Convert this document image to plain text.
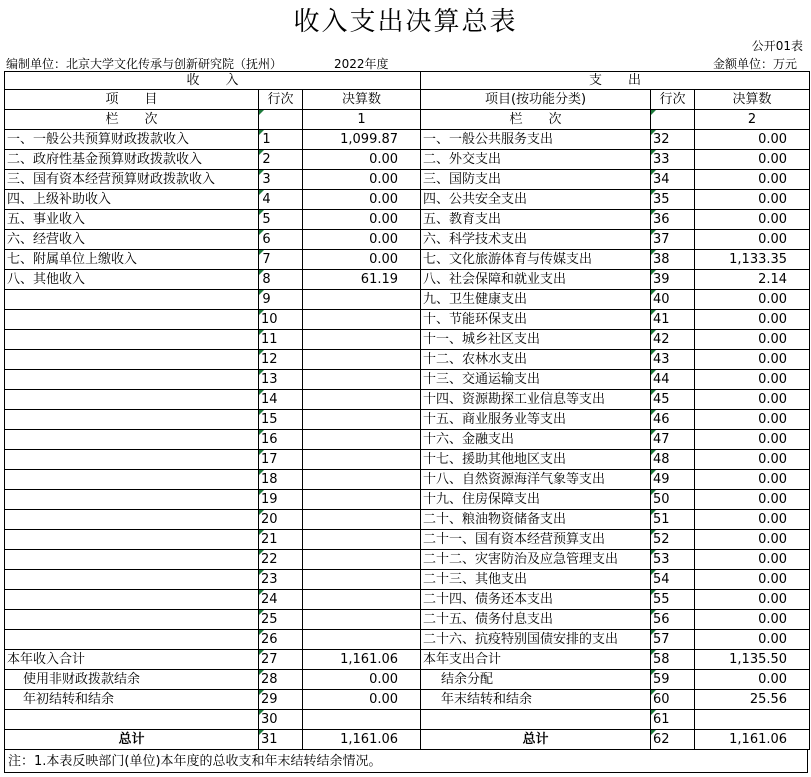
收入支出决算总表
公开01表
编制单位：北京大学文化传承与创新研究院（抚州）	2022年度	金额单位：万元
收　　入			支　　出		
项　　目	行次	决算数	项目(按功能分类)	行次	决算数
栏　　次		1	栏　　次		2
一、一般公共预算财政拨款收入	1	1,099.87	一、一般公共服务支出	32	0.00
二、政府性基金预算财政拨款收入	2	0.00	二、外交支出	33	0.00
三、国有资本经营预算财政拨款收入	3	0.00	三、国防支出	34	0.00
四、上级补助收入	4	0.00	四、公共安全支出	35	0.00
五、事业收入	5	0.00	五、教育支出	36	0.00
六、经营收入	6	0.00	六、科学技术支出	37	0.00
七、附属单位上缴收入	7	0.00	七、文化旅游体育与传媒支出	38	1,133.35
八、其他收入	8	61.19	八、社会保障和就业支出	39	2.14
	9		九、卫生健康支出	40	0.00
	10		十、节能环保支出	41	0.00
	11		十一、城乡社区支出	42	0.00
	12		十二、农林水支出	43	0.00
	13		十三、交通运输支出	44	0.00
	14		十四、资源勘探工业信息等支出	45	0.00
	15		十五、商业服务业等支出	46	0.00
	16		十六、金融支出	47	0.00
	17		十七、援助其他地区支出	48	0.00
	18		十八、自然资源海洋气象等支出	49	0.00
	19		十九、住房保障支出	50	0.00
	20		二十、粮油物资储备支出	51	0.00
	21		二十一、国有资本经营预算支出	52	0.00
	22		二十二、灾害防治及应急管理支出	53	0.00
	23		二十三、其他支出	54	0.00
	24		二十四、债务还本支出	55	0.00
	25		二十五、债务付息支出	56	0.00
	26		二十六、抗疫特别国债安排的支出	57	0.00
本年收入合计	27	1,161.06	本年支出合计	58	1,135.50
使用非财政拨款结余	28	0.00	结余分配	59	0.00
年初结转和结余	29	0.00	年末结转和结余	60	25.56
	30			61	
总计	31	1,161.06	总计	62	1,161.06
注：1.本表反映部门(单位)本年度的总收支和年末结转结余情况。
